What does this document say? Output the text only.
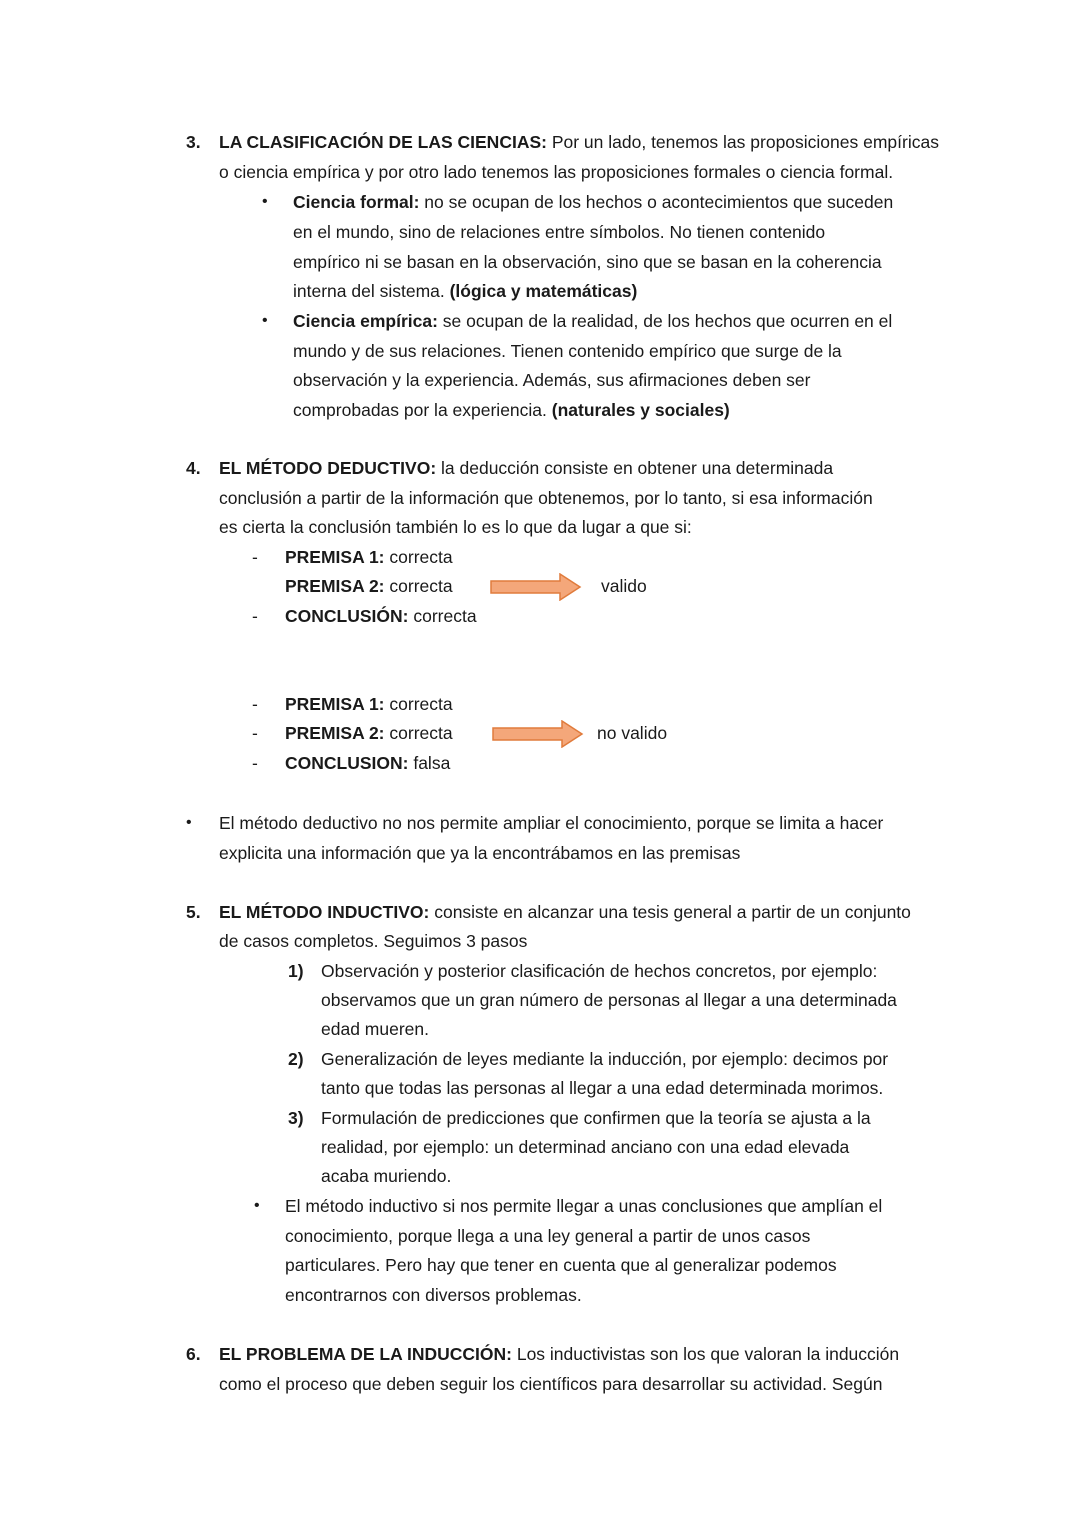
3. LA CLASIFICACIÓN DE LAS CIENCIAS: Por un lado, tenemos las proposiciones empíricas
o ciencia empírica y por otro lado tenemos las proposiciones formales o ciencia formal.
• Ciencia formal: no se ocupan de los hechos o acontecimientos que suceden
en el mundo, sino de relaciones entre símbolos. No tienen contenido
empírico ni se basan en la observación, sino que se basan en la coherencia
interna del sistema. (lógica y matemáticas)
• Ciencia empírica: se ocupan de la realidad, de los hechos que ocurren en el
mundo y de sus relaciones. Tienen contenido empírico que surge de la
observación y la experiencia. Además, sus afirmaciones deben ser
comprobadas por la experiencia. (naturales y sociales)
4. EL MÉTODO DEDUCTIVO: la deducción consiste en obtener una determinada
conclusión a partir de la información que obtenemos, por lo tanto, si esa información
es cierta la conclusión también lo es lo que da lugar a que si:
- PREMISA 1: correcta
PREMISA 2: correcta	valido
- CONCLUSIÓN: correcta
- PREMISA 1: correcta
- PREMISA 2: correcta	no valido
- CONCLUSION: falsa
• El método deductivo no nos permite ampliar el conocimiento, porque se limita a hacer
explicita una información que ya la encontrábamos en las premisas
5. EL MÉTODO INDUCTIVO: consiste en alcanzar una tesis general a partir de un conjunto
de casos completos. Seguimos 3 pasos
1) Observación y posterior clasificación de hechos concretos, por ejemplo:
observamos que un gran número de personas al llegar a una determinada
edad mueren.
2) Generalización de leyes mediante la inducción, por ejemplo: decimos por
tanto que todas las personas al llegar a una edad determinada morimos.
3) Formulación de predicciones que confirmen que la teoría se ajusta a la
realidad, por ejemplo: un determinad anciano con una edad elevada
acaba muriendo.
• El método inductivo si nos permite llegar a unas conclusiones que amplían el
conocimiento, porque llega a una ley general a partir de unos casos
particulares. Pero hay que tener en cuenta que al generalizar podemos
encontrarnos con diversos problemas.
6. EL PROBLEMA DE LA INDUCCIÓN: Los inductivistas son los que valoran la inducción
como el proceso que deben seguir los científicos para desarrollar su actividad. Según
